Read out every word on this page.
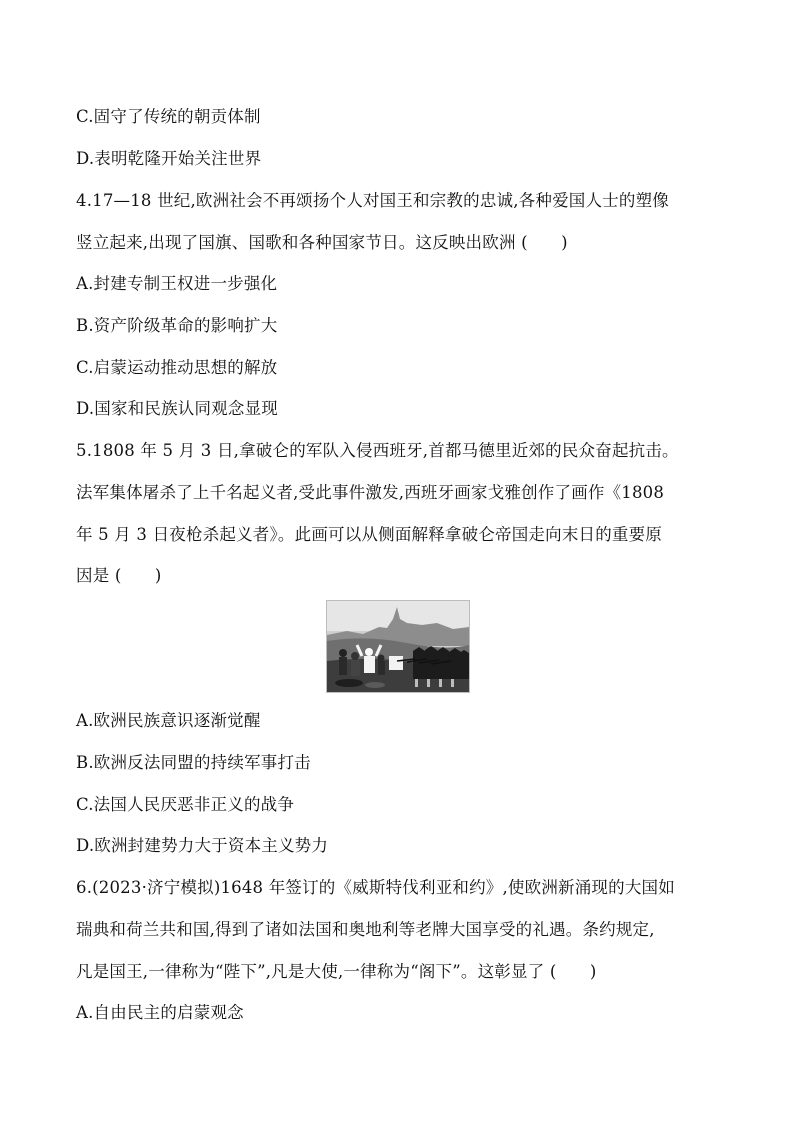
C.固守了传统的朝贡体制
D.表明乾隆开始关注世界
4.17—18 世纪,欧洲社会不再颂扬个人对国王和宗教的忠诚,各种爱国人士的塑像
竖立起来,出现了国旗、国歌和各种国家节日。这反映出欧洲 (　　)
A.封建专制王权进一步强化
B.资产阶级革命的影响扩大
C.启蒙运动推动思想的解放
D.国家和民族认同观念显现
5.1808 年 5 月 3 日,拿破仑的军队入侵西班牙,首都马德里近郊的民众奋起抗击。
法军集体屠杀了上千名起义者,受此事件激发,西班牙画家戈雅创作了画作《1808
年 5 月 3 日夜枪杀起义者》。此画可以从侧面解释拿破仑帝国走向末日的重要原
因是 (　　)
A.欧洲民族意识逐渐觉醒
B.欧洲反法同盟的持续军事打击
C.法国人民厌恶非正义的战争
D.欧洲封建势力大于资本主义势力
6.(2023·济宁模拟)1648 年签订的《威斯特伐利亚和约》,使欧洲新涌现的大国如
瑞典和荷兰共和国,得到了诸如法国和奥地利等老牌大国享受的礼遇。条约规定,
凡是国王,一律称为“陛下”,凡是大使,一律称为“阁下”。这彰显了 (　　)
A.自由民主的启蒙观念
